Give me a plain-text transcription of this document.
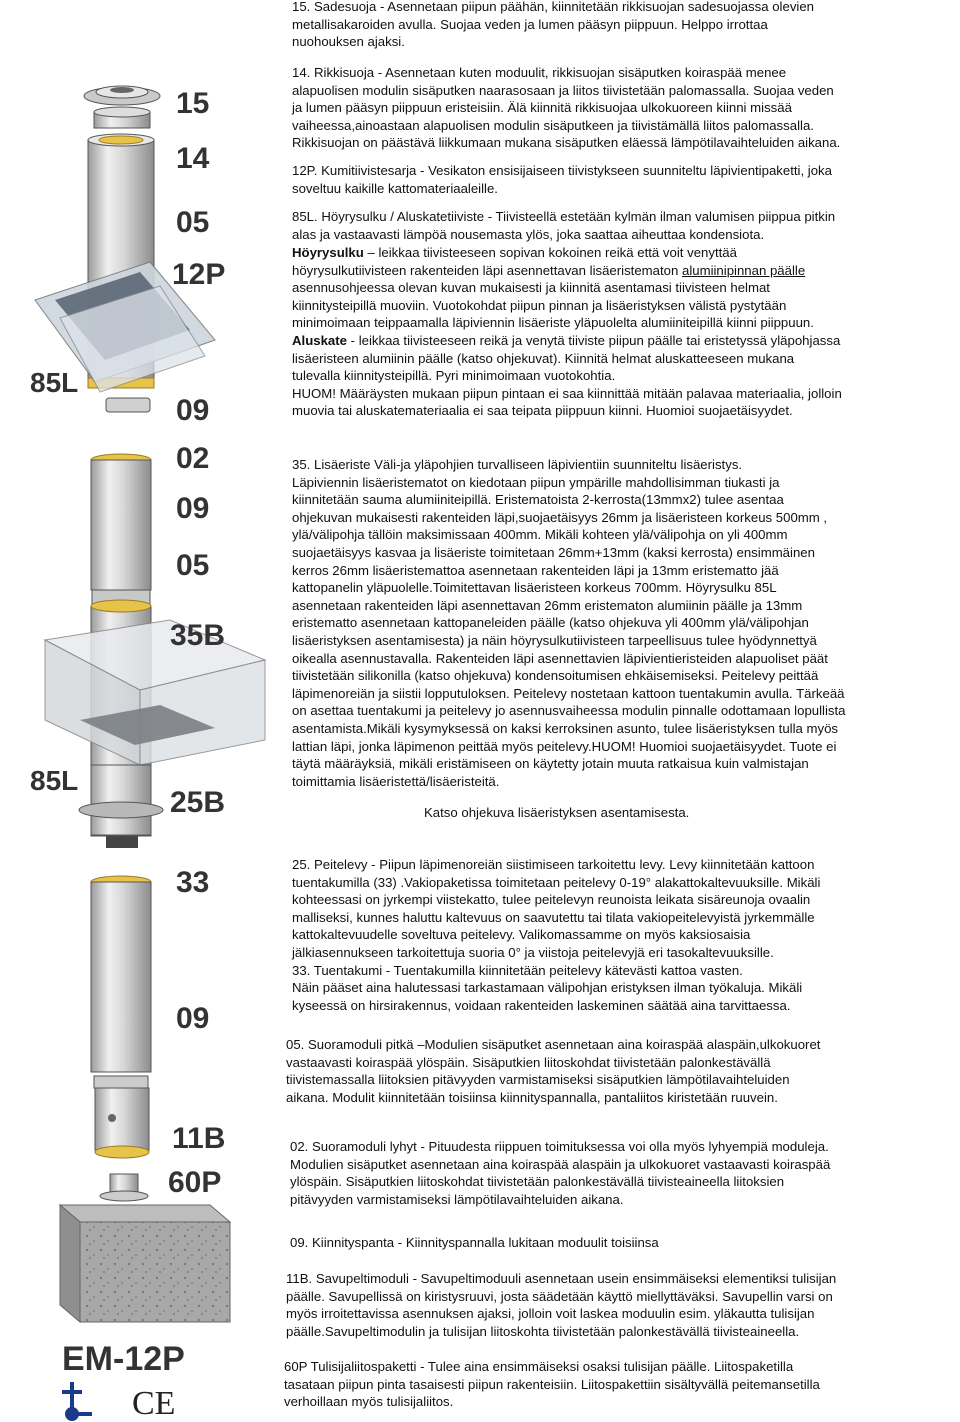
15
14
05
12P
85L
09
02
09
05
35B
85L
25B
33
09
11B
60P
EM-12P
CE

15. Sadesuoja - Asennetaan piipun päähän, kiinnitetään rikkisuojan sadesuojassa olevien
metallisakaroiden avulla. Suojaa veden ja lumen pääsyn piippuun. Helppo irrottaa
nuohouksen ajaksi.

14. Rikkisuoja - Asennetaan kuten moduulit, rikkisuojan sisäputken koiraspää menee
alapuolisen modulin sisäputken naarasosaan ja liitos tiivistetään palomassalla. Suojaa veden
ja lumen pääsyn piippuun eristeisiin. Älä kiinnitä rikkisuojaa ulkokuoreen kiinni missää
vaiheessa,ainoastaan alapuolisen modulin sisäputkeen ja tiivistämällä liitos palomassalla.
Rikkisuojan on päästävä liikkumaan mukana sisäputken eläessä lämpötilavaihteluiden aikana.

12P. Kumitiivistesarja - Vesikaton ensisijaiseen tiivistykseen suunniteltu läpivientipaketti, joka
soveltuu kaikille kattomateriaaleille.

85L. Höyrysulku / Aluskatetiiviste - Tiivisteellä estetään kylmän ilman valumisen piippua pitkin
alas ja vastaavasti lämpöä nousemasta ylös, joka saattaa aiheuttaa kondensiota.

Höyrysulku – leikkaa tiivisteeseen sopivan kokoinen reikä että voit venyttää
höyrysulkutiivisteen rakenteiden läpi asennettavan lisäeristematon alumiinipinnan päälle
asennusohjeessa olevan kuvan mukaisesti ja kiinnitä asentamasi tiivisteen helmat
kiinnitysteipillä muoviin. Vuotokohdat piipun pinnan ja lisäeristyksen välistä pystytään
minimoimaan teippaamalla läpiviennin lisäeriste yläpuolelta alumiiniteipillä kiinni piippuun.

Aluskate - leikkaa tiivisteeseen reikä ja venytä tiiviste piipun päälle tai eristetyssä yläpohjassa
lisäeristeen alumiinin päälle (katso ohjekuvat). Kiinnitä helmat aluskatteeseen mukana
tulevalla kiinnitysteipillä. Pyri minimoimaan vuotokohtia.
HUOM! Määräysten mukaan piipun pintaan ei saa kiinnittää mitään palavaa materiaalia, jolloin
muovia tai aluskatemateriaalia ei saa teipata piippuun kiinni. Huomioi suojaetäisyydet.

35. Lisäeriste Väli-ja yläpohjien turvalliseen läpivientiin suunniteltu lisäeristys.
Läpiviennin lisäeristematot on kiedotaan piipun ympärille mahdollisimman tiukasti ja
kiinnitetään sauma alumiiniteipillä. Eristematoista 2-kerrosta(13mmx2) tulee asentaa
ohjekuvan mukaisesti rakenteiden läpi,suojaetäisyys 26mm ja lisäeristeen korkeus 500mm ,
ylä/välipohja tällöin maksimissaan 400mm. Mikäli kohteen ylä/välipohja on yli 400mm
suojaetäisyys kasvaa ja lisäeriste toimitetaan 26mm+13mm (kaksi kerrosta) ensimmäinen
kerros 26mm lisäeristemattoa asennetaan rakenteiden läpi ja 13mm eristematto jää
kattopanelin yläpuolelle.Toimitettavan lisäeristeen korkeus 700mm. Höyrysulku 85L
asennetaan rakenteiden läpi asennettavan 26mm eristematon alumiinin päälle ja 13mm
eristematto asennetaan kattopaneleiden päälle (katso ohjekuva yli 400mm ylä/välipohjan
lisäeristyksen asentamisesta) ja näin höyrysulkutiivisteen tarpeellisuus tulee hyödynnettyä
oikealla asennustavalla. Rakenteiden läpi asennettavien läpivientieristeiden alapuoliset päät
tiivistetään silikonilla (katso ohjekuva) kondensoitumisen ehkäisemiseksi. Peitelevy peittää
läpimenoreiän ja siistii lopputuloksen. Peitelevy nostetaan kattoon tuentakumin avulla. Tärkeää
on asettaa tuentakumi ja peitelevy jo asennusvaiheessa modulin pinnalle odottamaan lopullista
asentamista.Mikäli kysymyksessä on kaksi kerroksinen asunto, tulee lisäeristyksen tulla myös
lattian läpi, jonka läpimenon peittää myös peitelevy.HUOM! Huomioi suojaetäisyydet. Tuote ei
täytä määräyksiä, mikäli eristämiseen on käytetty jotain muuta ratkaisua kuin valmistajan
toimittamia lisäeristettä/lisäeristeitä.

Katso ohjekuva lisäeristyksen asentamisesta.

25. Peitelevy - Piipun läpimenoreiän siistimiseen tarkoitettu levy. Levy kiinnitetään kattoon
tuentakumilla (33) .Vakiopaketissa toimitetaan peitelevy 0-19° alakattokaltevuuksille. Mikäli
kohteessasi on jyrkempi viistekatto, tulee peitelevyn reunoista leikata sisäreunoja ovaalin
malliseksi, kunnes haluttu kaltevuus on saavutettu tai tilata vakiopeitelevyistä jyrkemmälle
kattokaltevuudelle soveltuva peitelevy. Valikomassamme on myös kaksiosaisia
jälkiasennukseen tarkoitettuja suoria 0° ja viistoja peitelevyjä eri tasokaltevuuksille.
33. Tuentakumi - Tuentakumilla kiinnitetään peitelevy kätevästi kattoa vasten.
Näin pääset aina halutessasi tarkastamaan välipohjan eristyksen ilman työkaluja. Mikäli
kyseessä on hirsirakennus, voidaan rakenteiden laskeminen säätää aina tarvittaessa.

05. Suoramoduli pitkä –Modulien sisäputket asennetaan aina koiraspää alaspäin,ulkokuoret
vastaavasti koiraspää ylöspäin. Sisäputkien liitoskohdat tiivistetään palonkestävällä
tiivistemassalla liitoksien pitävyyden varmistamiseksi sisäputkien lämpötilavaihteluiden
aikana. Modulit kiinnitetään toisiinsa kiinnityspannalla, pantaliitos kiristetään ruuvein.

02. Suoramoduli lyhyt - Pituudesta riippuen toimituksessa voi olla myös lyhyempiä moduleja.
Modulien sisäputket asennetaan aina koiraspää alaspäin ja ulkokuoret vastaavasti koiraspää
ylöspäin. Sisäputkien liitoskohdat tiivistetään palonkestävällä tiivisteaineella liitoksien
pitävyyden varmistamiseksi lämpötilavaihteluiden aikana.

09. Kiinnityspanta - Kiinnityspannalla lukitaan moduulit toisiinsa

11B. Savupeltimoduli - Savupeltimoduuli asennetaan usein ensimmäiseksi elementiksi tulisijan
päälle. Savupellissä on kiristysruuvi, josta säädetään käyttö miellyttäväksi. Savupellin varsi on
myös irroitettavissa asennuksen ajaksi, jolloin voit laskea moduulin esim. yläkautta tulisijan
päälle.Savupeltimodulin ja tulisijan liitoskohta tiivistetään palonkestävällä tiivisteaineella.

60P Tulisijaliitospaketti - Tulee aina ensimmäiseksi osaksi tulisijan päälle. Liitospaketilla
tasataan piipun pinta tasaisesti piipun rakenteisiin. Liitospakettiin sisältyvällä peitemansetilla
verhoillaan myös tulisijaliitos.
